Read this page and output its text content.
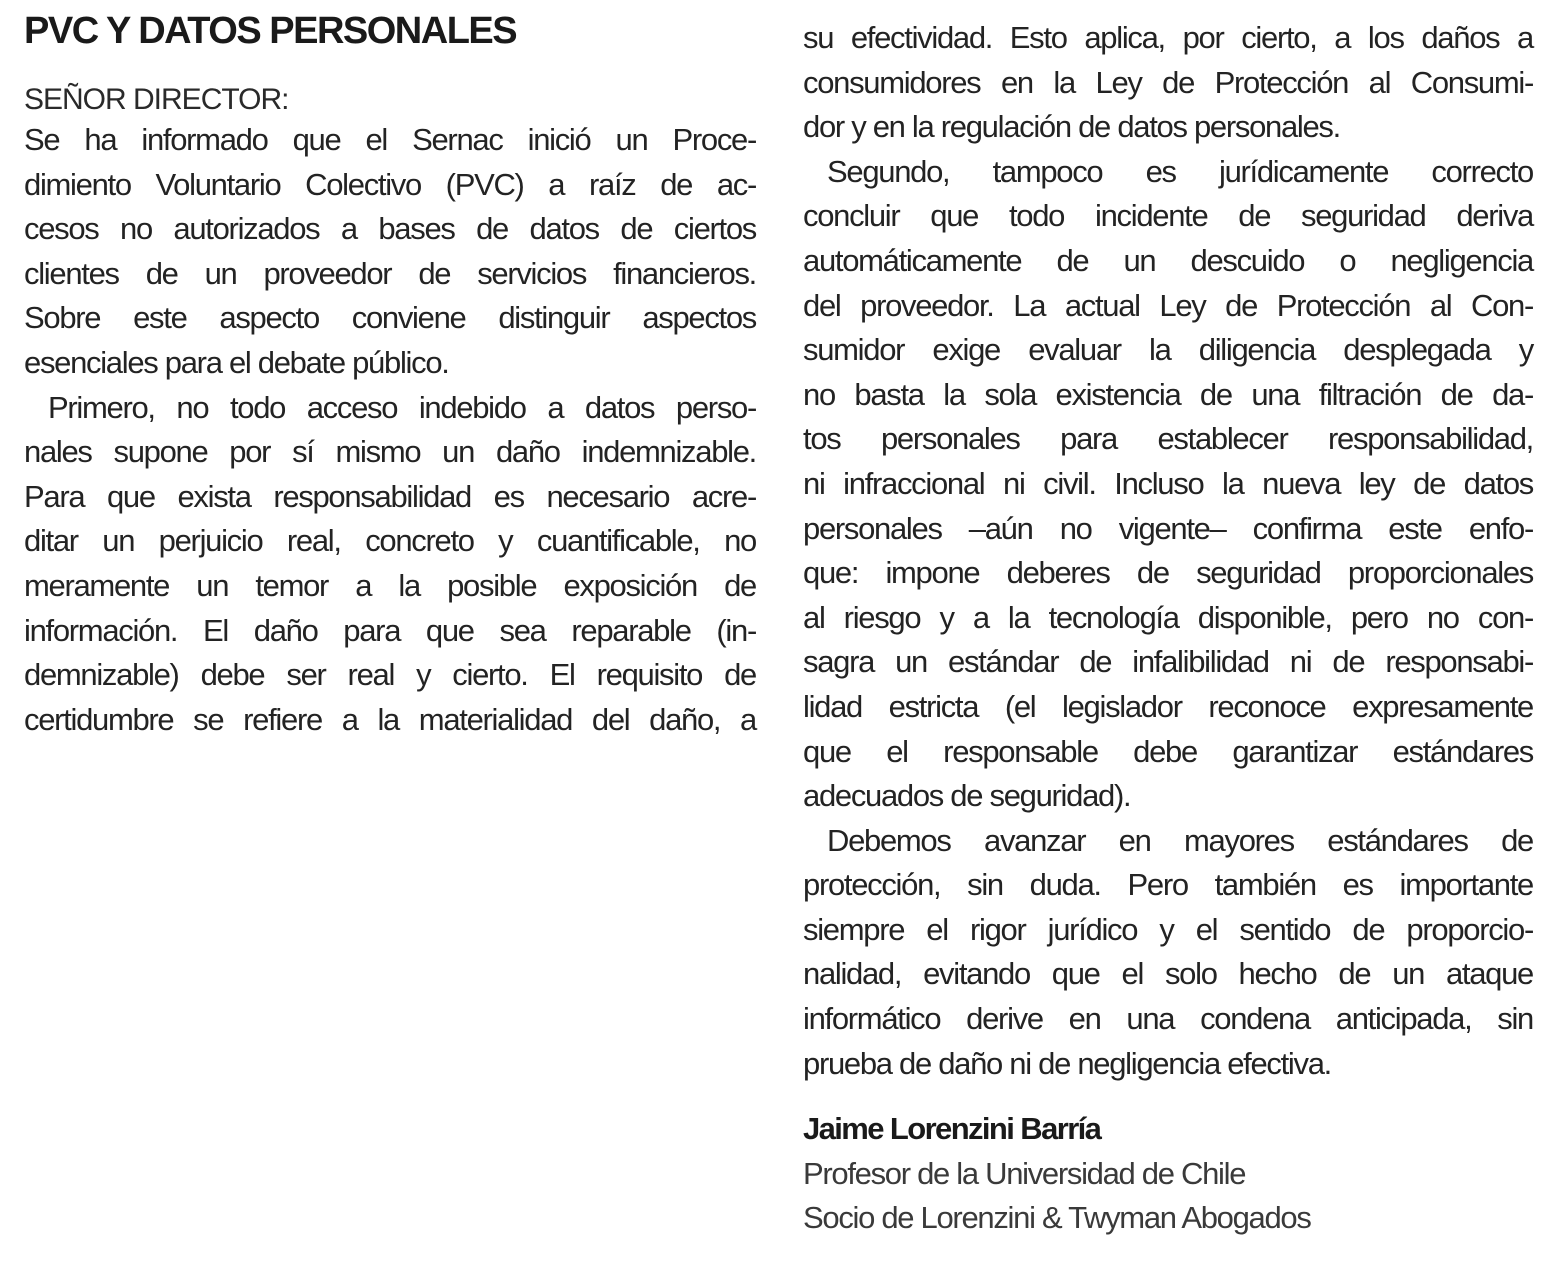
PVC Y DATOS PERSONALES

SEÑOR DIRECTOR:

Se ha informado que el Sernac inició un Proce-
dimiento Voluntario Colectivo (PVC) a raíz de ac-
cesos no autorizados a bases de datos de ciertos
clientes de un proveedor de servicios financieros.
Sobre este aspecto conviene distinguir aspectos
esenciales para el debate público.
Primero, no todo acceso indebido a datos perso-
nales supone por sí mismo un daño indemnizable.
Para que exista responsabilidad es necesario acre-
ditar un perjuicio real, concreto y cuantificable, no
meramente un temor a la posible exposición de
información. El daño para que sea reparable (in-
demnizable) debe ser real y cierto. El requisito de
certidumbre se refiere a la materialidad del daño, a
su efectividad. Esto aplica, por cierto, a los daños a
consumidores en la Ley de Protección al Consumi-
dor y en la regulación de datos personales.
Segundo, tampoco es jurídicamente correcto
concluir que todo incidente de seguridad deriva
automáticamente de un descuido o negligencia
del proveedor. La actual Ley de Protección al Con-
sumidor exige evaluar la diligencia desplegada y
no basta la sola existencia de una filtración de da-
tos personales para establecer responsabilidad,
ni infraccional ni civil. Incluso la nueva ley de datos
personales –aún no vigente– confirma este enfo-
que: impone deberes de seguridad proporcionales
al riesgo y a la tecnología disponible, pero no con-
sagra un estándar de infalibilidad ni de responsabi-
lidad estricta (el legislador reconoce expresamente
que el responsable debe garantizar estándares
adecuados de seguridad).
Debemos avanzar en mayores estándares de
protección, sin duda. Pero también es importante
siempre el rigor jurídico y el sentido de proporcio-
nalidad, evitando que el solo hecho de un ataque
informático derive en una condena anticipada, sin
prueba de daño ni de negligencia efectiva.

Jaime Lorenzini Barría

Profesor de la Universidad de Chile

Socio de Lorenzini & Twyman Abogados
